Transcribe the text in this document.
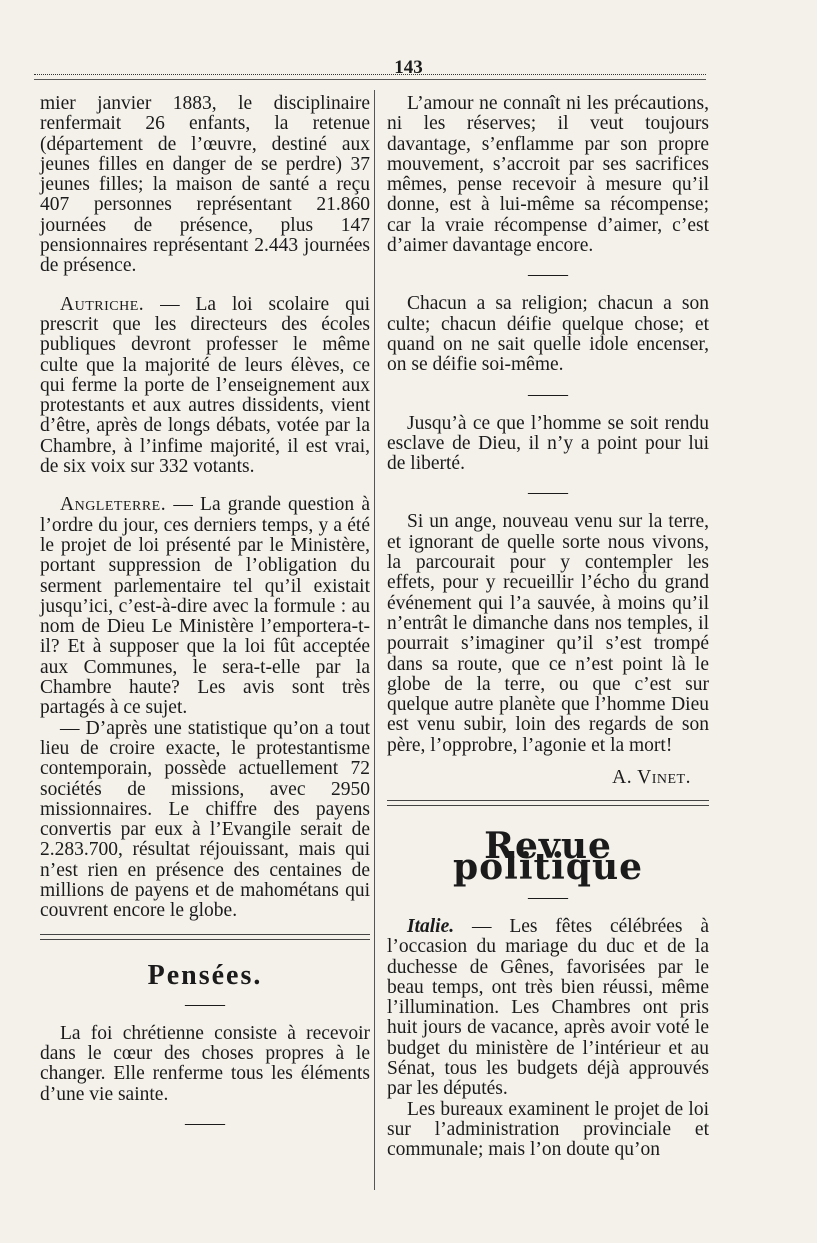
143

mier janvier 1883, le disciplinaire renfermait 26 enfants, la retenue (département de l’œuvre, destiné aux jeunes filles en danger de se perdre) 37 jeunes filles; la maison de santé a reçu 407 personnes représentant 21.860 journées de présence, plus 147 pensionnaires représentant 2.443 journées de présence.

Autriche. — La loi scolaire qui prescrit que les directeurs des écoles publiques devront professer le même culte que la majorité de leurs élèves, ce qui ferme la porte de l’enseignement aux protestants et aux autres dissidents, vient d’être, après de longs débats, votée par la Chambre, à l’infime majorité, il est vrai, de six voix sur 332 votants.

Angleterre. — La grande question à l’ordre du jour, ces derniers temps, y a été le projet de loi présenté par le Ministère, portant suppression de l’obligation du serment parlementaire tel qu’il existait jusqu’ici, c’est-à-dire avec la formule : au nom de Dieu Le Ministère l’emportera-t-il? Et à supposer que la loi fût acceptée aux Communes, le sera-t-elle par la Chambre haute? Les avis sont très partagés à ce sujet.

— D’après une statistique qu’on a tout lieu de croire exacte, le protestantisme contemporain, possède actuellement 72 sociétés de missions, avec 2950 missionnaires. Le chiffre des payens convertis par eux à l’Evangile serait de 2.283.700, résultat réjouissant, mais qui n’est rien en présence des centaines de millions de payens et de mahométans qui couvrent encore le globe.

Pensées.
——

La foi chrétienne consiste à recevoir dans le cœur des choses propres à le changer. Elle renferme tous les éléments d’une vie sainte.

——

L’amour ne connaît ni les précautions, ni les réserves; il veut toujours davantage, s’enflamme par son propre mouvement, s’accroit par ses sacrifices mêmes, pense recevoir à mesure qu’il donne, est à lui-même sa récompense; car la vraie récompense d’aimer, c’est d’aimer davantage encore.

——

Chacun a sa religion; chacun a son culte; chacun déifie quelque chose; et quand on ne sait quelle idole encenser, on se déifie soi-même.

——

Jusqu’à ce que l’homme se soit rendu esclave de Dieu, il n’y a point pour lui de liberté.

——

Si un ange, nouveau venu sur la terre, et ignorant de quelle sorte nous vivons, la parcourait pour y contempler les effets, pour y recueillir l’écho du grand événement qui l’a sauvée, à moins qu’il n’entrât le dimanche dans nos temples, il pourrait s’imaginer qu’il s’est trompé dans sa route, que ce n’est point là le globe de la terre, ou que c’est sur quelque autre planète que l’homme Dieu est venu subir, loin des regards de son père, l’opprobre, l’agonie et la mort!

A. Vinet.
Revue politique
——

Italie. — Les fêtes célébrées à l’occasion du mariage du duc et de la duchesse de Gênes, favorisées par le beau temps, ont très bien réussi, même l’illumination. Les Chambres ont pris huit jours de vacance, après avoir voté le budget du ministère de l’intérieur et au Sénat, tous les budgets déjà approuvés par les députés.

Les bureaux examinent le projet de loi sur l’administration provinciale et communale; mais l’on doute qu’on
